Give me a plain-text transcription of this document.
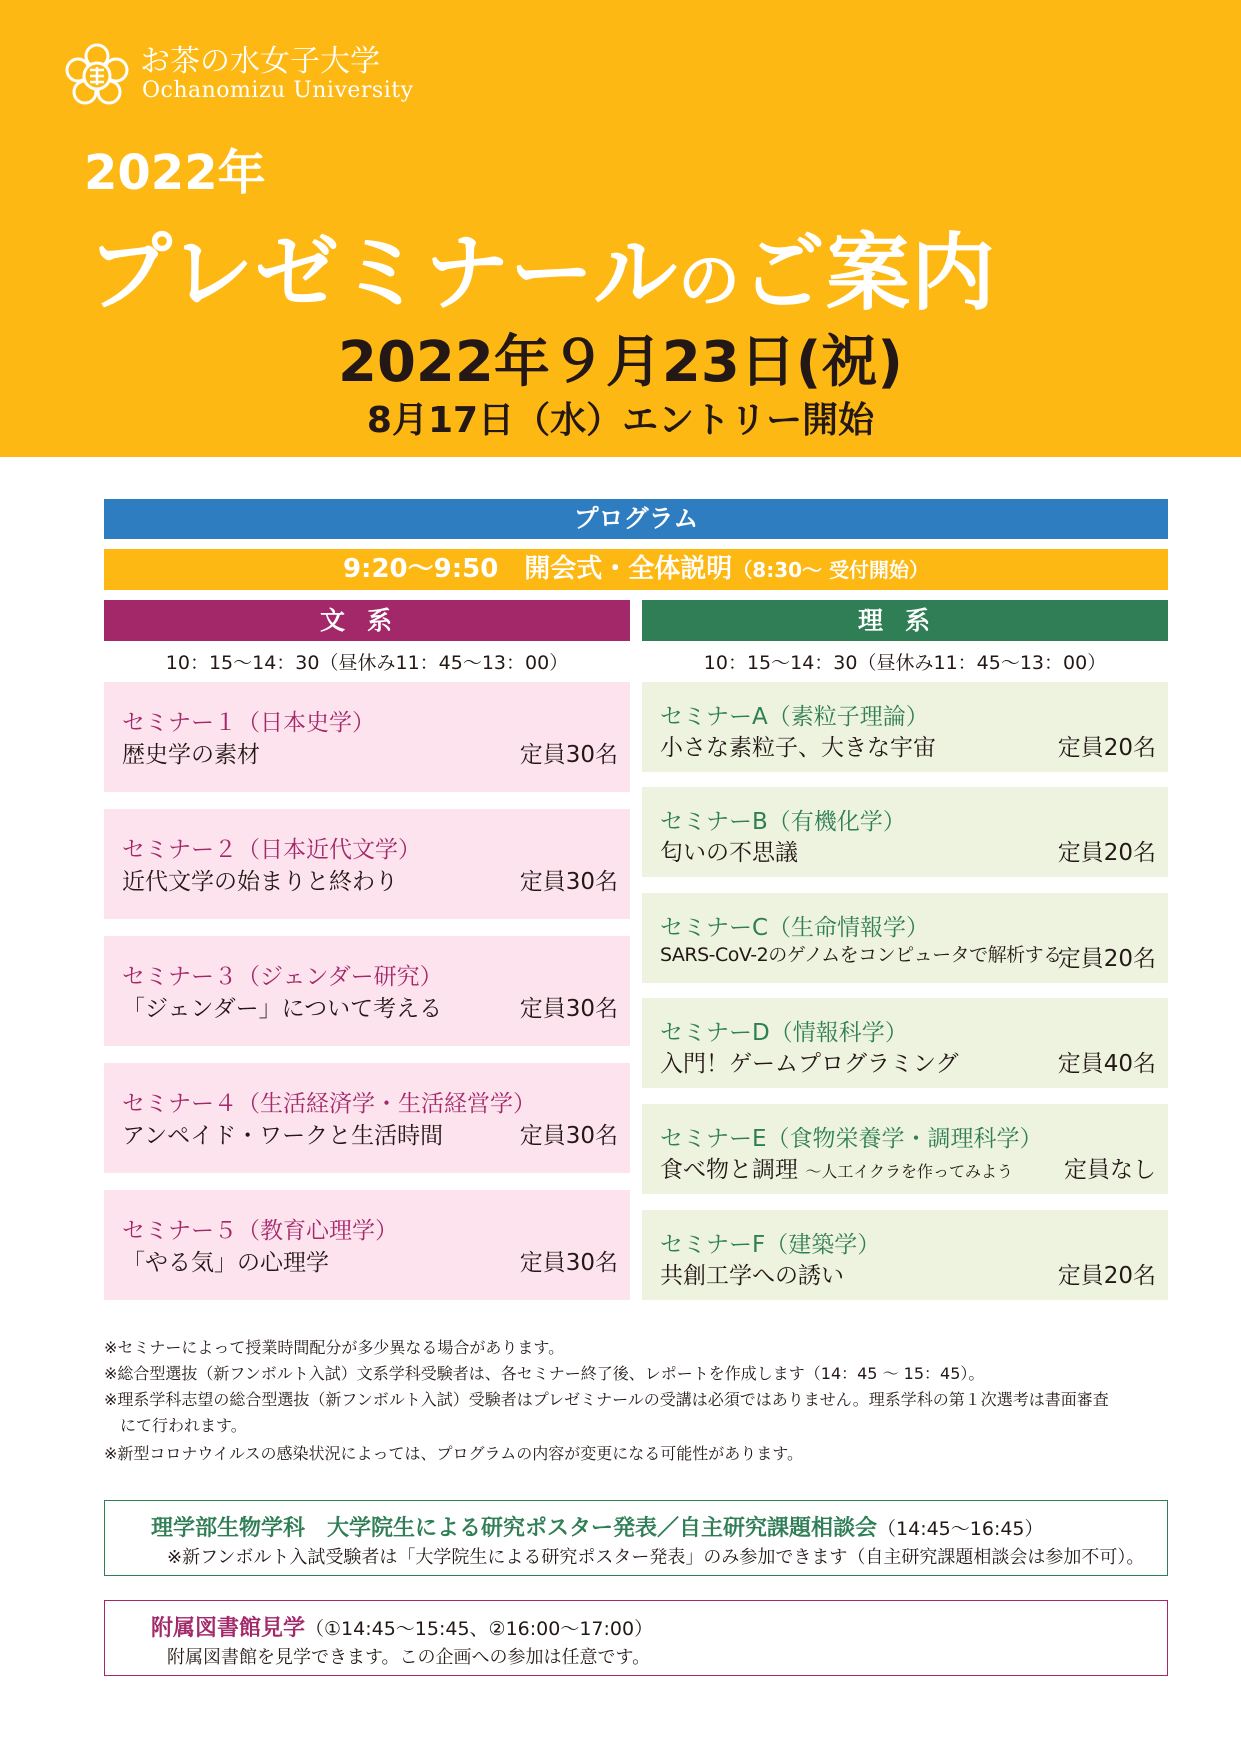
お茶の水女子大学
Ochanomizu University
2022年
プレゼミナールのご案内
2022年９月23日(祝)
8月17日（水）エントリー開始
プログラム
9:20〜9:50　開会式・全体説明（8:30〜 受付開始）
文系	理系
10：15〜14：30（昼休み11：45〜13：00）	10：15〜14：30（昼休み11：45〜13：00）
セミナー１（日本史学）
歴史学の素材	定員30名
セミナー２（日本近代文学）
近代文学の始まりと終わり	定員30名
セミナー３（ジェンダー研究）
「ジェンダー」について考える	定員30名
セミナー４（生活経済学・生活経営学）
アンペイド・ワークと生活時間	定員30名
セミナー５（教育心理学）
「やる気」の心理学	定員30名
セミナーA（素粒子理論）
小さな素粒子、大きな宇宙	定員20名
セミナーB（有機化学）
匂いの不思議	定員20名
セミナーC（生命情報学）
SARS-CoV-2のゲノムをコンピュータで解析する
定員20名
セミナーD（情報科学）
入門！ゲームプログラミング	定員40名
セミナーE（食物栄養学・調理科学）
食べ物と調理 〜人工イクラを作ってみよう 定員なし
セミナーF（建築学）
共創工学への誘い	定員20名
※セミナーによって授業時間配分が多少異なる場合があります。
※総合型選抜（新フンボルト入試）文系学科受験者は、各セミナー終了後、レポートを作成します（14：45 〜 15：45）。
※理系学科志望の総合型選抜（新フンボルト入試）受験者はプレゼミナールの受講は必須ではありません。理系学科の第１次選考は書面審査
　にて行われます。
※新型コロナウイルスの感染状況によっては、プログラムの内容が変更になる可能性があります。
理学部生物学科　大学院生による研究ポスター発表／自主研究課題相談会（14:45〜16:45）
※新フンボルト入試受験者は「大学院生による研究ポスター発表」のみ参加できます（自主研究課題相談会は参加不可）。
附属図書館見学（①14:45〜15:45、②16:00〜17:00）
附属図書館を見学できます。この企画への参加は任意です。
